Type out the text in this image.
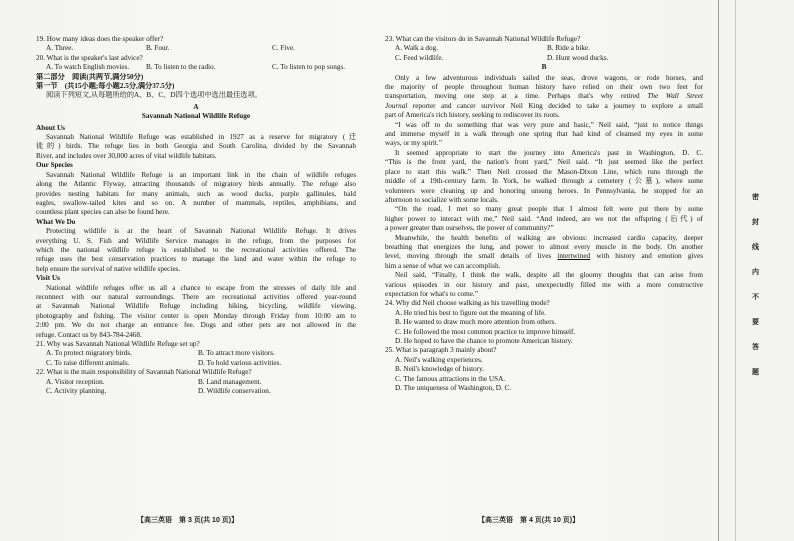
19. How many ideas does the speaker offer?
A. Three.	B. Four.	C. Five.
20. What is the speaker's last advice?
A. To watch English movies.	B. To listen to the radio.	C. To listen to pop songs.
第二部分　阅读(共两节,满分50分)
第一节　(共15小题;每小题2.5分,满分37.5分)
阅读下列短文,从每题所给的A、B、C、D四个选项中选出最佳选项。
A
Savannah National Wildlife Refuge
About Us
Savannah National Wildlife Refuge was established in 1927 as a reserve for migratory (迁
徙的) birds. The refuge lies in both Georgia and South Carolina, divided by the Savannah
River, and includes over 30,000 acres of vital wildlife habitats.
Our Species
Savannah National Wildlife Refuge is an important link in the chain of wildlife refuges
along the Atlantic Flyway, attracting thousands of migratory birds annually. The refuge also
provides nesting habitats for many animals, such as wood ducks, purple gallinules, bald
eagles, swallow-tailed kites and so on. A number of mammals, reptiles, amphibians, and
countless plant species can also be found here.
What We Do
Protecting wildlife is at the heart of Savannah National Wildlife Refuge. It drives
everything U. S. Fish and Wildlife Service manages in the refuge, from the purposes for
which the national wildlife refuge is established to the recreational activities offered. The
refuge uses the best conservation practices to manage the land and water within the refuge to
help ensure the survival of native wildlife species.
Visit Us
National wildlife refuges offer us all a chance to escape from the stresses of daily life and
reconnect with our natural surroundings. There are recreational activities offered year-round
at Savannah National Wildlife Refuge including hiking, bicycling, wildlife viewing,
photography and fishing. The visitor center is open Monday through Friday from 10:00 am to
2:00 pm. We do not charge an entrance fee. Dogs and other pets are not allowed in the
refuge. Contact us by 843-784-2468.
21. Why was Savannah National Wildlife Refuge set up?
A. To protect migratory birds.	B. To attract more visitors.
C. To raise different animals.	D. To hold various activities.
22. What is the main responsibility of Savannah National Wildlife Refuge?
A. Visitor reception.	B. Land management.
C. Activity planning.	D. Wildlife conservation.
23. What can the visitors do in Savannah National Wildlife Refuge?
A. Walk a dog.	B. Ride a bike.
C. Feed wildlife.	D. Hunt wood ducks.
B
Only a few adventurous individuals sailed the seas, drove wagons, or rode horses, and
the majority of people throughout human history have relied on their own two feet for
transportation, moving one step at a time. Perhaps that's why retired The Wall Street
Journal reporter and cancer survivor Neil King decided to take a journey to explore a small
part of America's rich history, seeking to rediscover its roots.
“I was off to do something that was very pure and basic,” Neil said, “just to notice things
and immerse myself in a walk through one spring that had kind of cleansed my eyes in some
ways, or my spirit.”
It seemed appropriate to start the journey into America's past in Washington, D. C.
“This is the front yard, the nation's front yard,” Neil said. “It just seemed like the perfect
place to start this walk.” Then Neil crossed the Mason-Dixon Line, which runs through the
middle of a 19th-century farm. In York, he walked through a cemetery (公墓), where some
volunteers were cleaning up and honoring unsung heroes. In Pennsylvania, he stopped for an
afternoon to socialize with some locals.
“On the road, I met so many great people that I almost felt were put there by some
higher power to interact with me,” Neil said. “And indeed, are we not the offspring (后代) of
a power greater than ourselves, the power of community?”
Meanwhile, the health benefits of walking are obvious: increased cardio capacity, deeper
breathing that energizes the lung, and power to almost every muscle in the body. On another
level, moving through the small details of lives intertwined with history and emotion gives
him a sense of what we can accomplish.
Neil said, “Finally, I think the walk, despite all the gloomy thoughts that can arise from
various episodes in our history and past, unexpectedly filled me with a more constructive
expectation for what's to come.”
24. Why did Neil choose walking as his travelling mode?
A. He tried his best to figure out the meaning of life.
B. He wanted to draw much more attention from others.
C. He followed the most common practice to improve himself.
D. He hoped to have the chance to promote American history.
25. What is paragraph 3 mainly about?
A. Neil's walking experiences.
B. Neil's knowledge of history.
C. The famous attractions in the USA.
D. The uniqueness of Washington, D. C.
【高三英语　第 3 页(共 10 页)】	【高三英语　第 4 页(共 10 页)】
密
封
线
内
不
要
答
题
